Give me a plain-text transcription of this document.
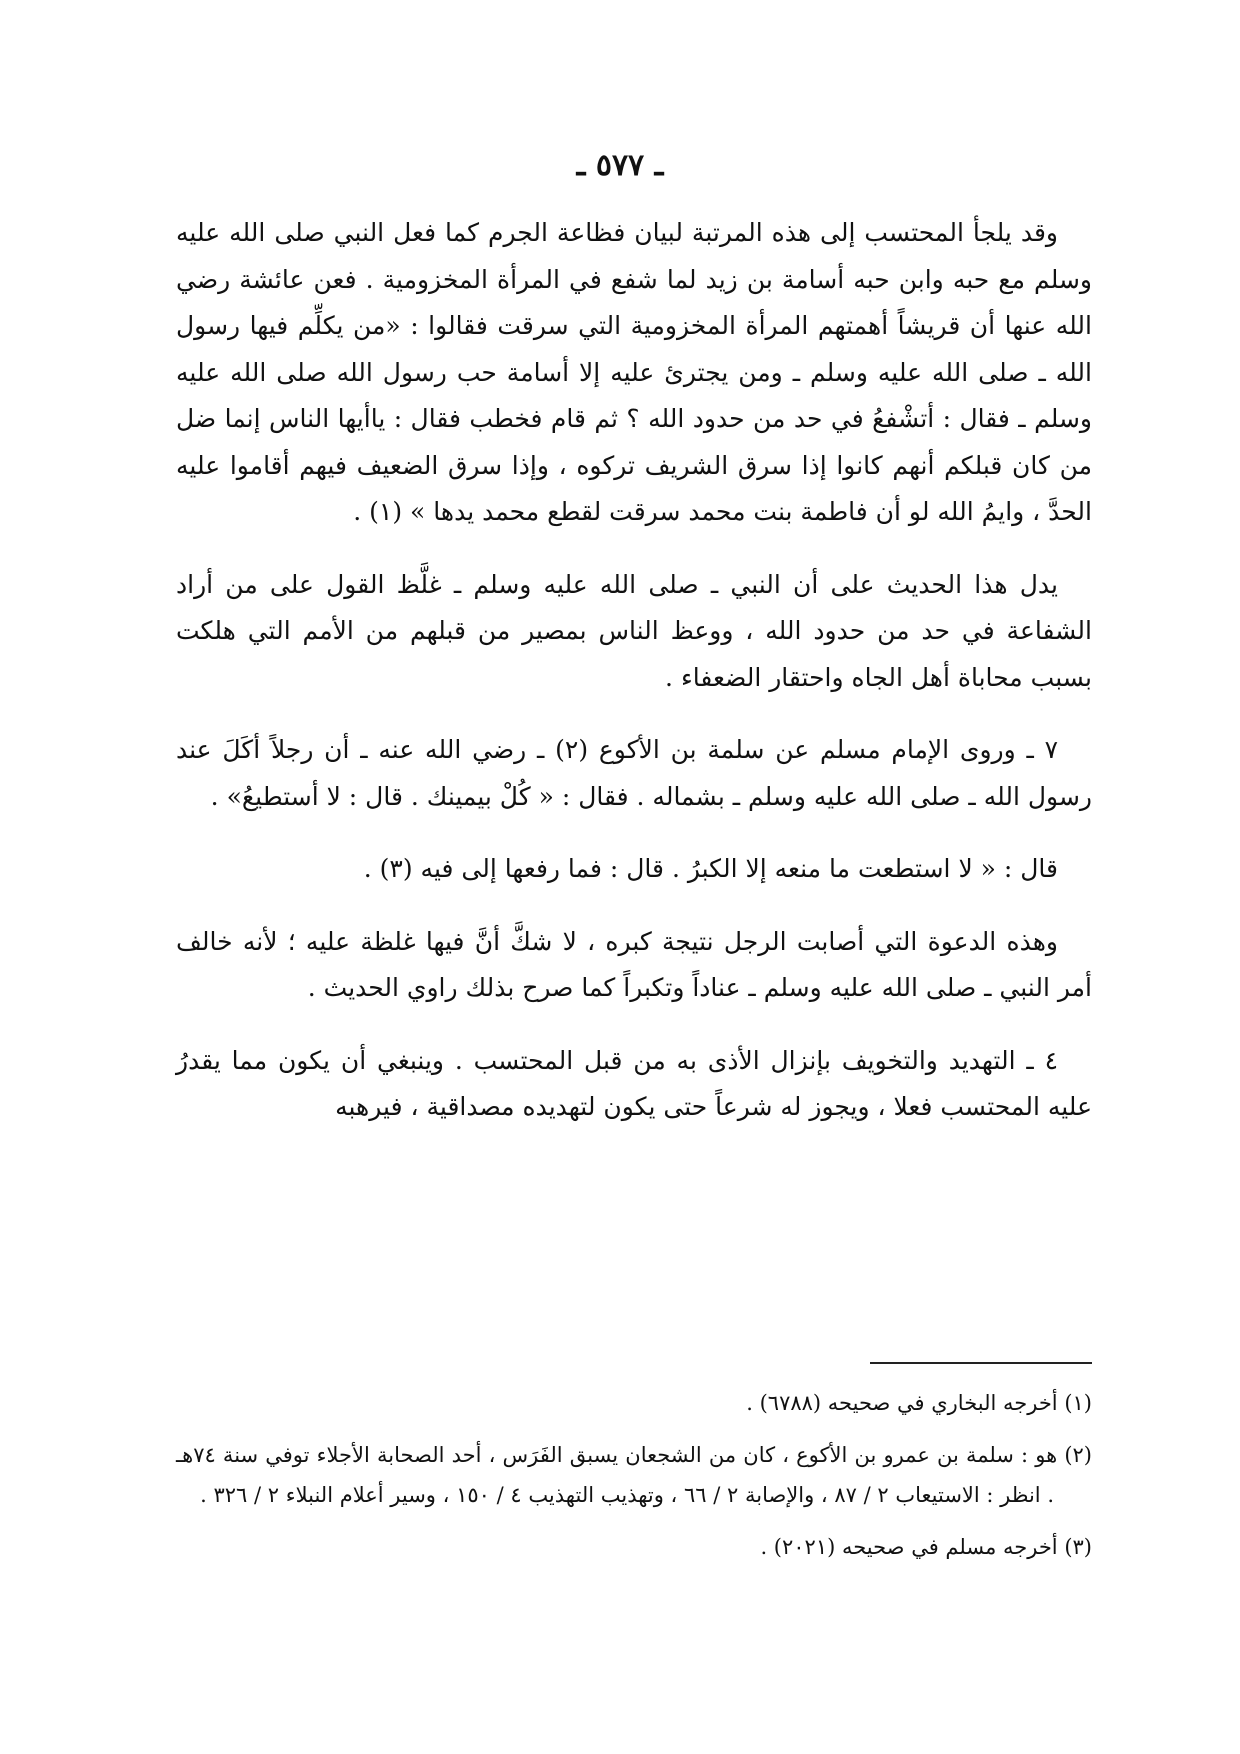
ـ ٥٧٧ ـ

وقد يلجأ المحتسب إلى هذه المرتبة لبيان فظاعة الجرم كما فعل النبي صلى الله عليه وسلم مع حبه وابن حبه أسامة بن زيد لما شفع في المرأة المخزومية . فعن عائشة رضي الله عنها أن قريشاً أهمتهم المرأة المخزومية التي سرقت فقالوا : «من يكلِّم فيها رسول الله ـ صلى الله عليه وسلم ـ ومن يجترئ عليه إلا أسامة حب رسول الله صلى الله عليه وسلم ـ فقال : أتشْفعُ في حد من حدود الله ؟ ثم قام فخطب فقال : ياأيها الناس إنما ضل من كان قبلكم أنهم كانوا إذا سرق الشريف تركوه ، وإذا سرق الضعيف فيهم أقاموا عليه الحدَّ ، وايمُ الله لو أن فاطمة بنت محمد سرقت لقطع محمد يدها » (١) .

يدل هذا الحديث على أن النبي ـ صلى الله عليه وسلم ـ غلَّظ القول على من أراد الشفاعة في حد من حدود الله ، ووعظ الناس بمصير من قبلهم من الأمم التي هلكت بسبب محاباة أهل الجاه واحتقار الضعفاء .

٧ ـ وروى الإمام مسلم عن سلمة بن الأكوع (٢) ـ رضي الله عنه ـ أن رجلاً أكَلَ عند رسول الله ـ صلى الله عليه وسلم ـ بشماله . فقال : « كُلْ بيمينك . قال : لا أستطيعُ» .

قال : « لا استطعت ما منعه إلا الكبرُ . قال : فما رفعها إلى فيه (٣) .

وهذه الدعوة التي أصابت الرجل نتيجة كبره ، لا شكَّ أنَّ فيها غلظة عليه ؛ لأنه خالف أمر النبي ـ صلى الله عليه وسلم ـ عناداً وتكبراً كما صرح بذلك راوي الحديث .

٤ ـ التهديد والتخويف بإنزال الأذى به من قبل المحتسب . وينبغي أن يكون مما يقدرُ عليه المحتسب فعلا ، ويجوز له شرعاً حتى يكون لتهديده مصداقية ، فيرهبه

(١) أخرجه البخاري في صحيحه (٦٧٨٨) .

(٢) هو : سلمة بن عمرو بن الأكوع ، كان من الشجعان يسبق الفَرَس ، أحد الصحابة الأجلاء توفي سنة ٧٤هـ . انظر : الاستيعاب ٢ / ٨٧ ، والإصابة ٢ / ٦٦ ، وتهذيب التهذيب ٤ / ١٥٠ ، وسير أعلام النبلاء ٢ / ٣٢٦ .

(٣) أخرجه مسلم في صحيحه (٢٠٢١) .
